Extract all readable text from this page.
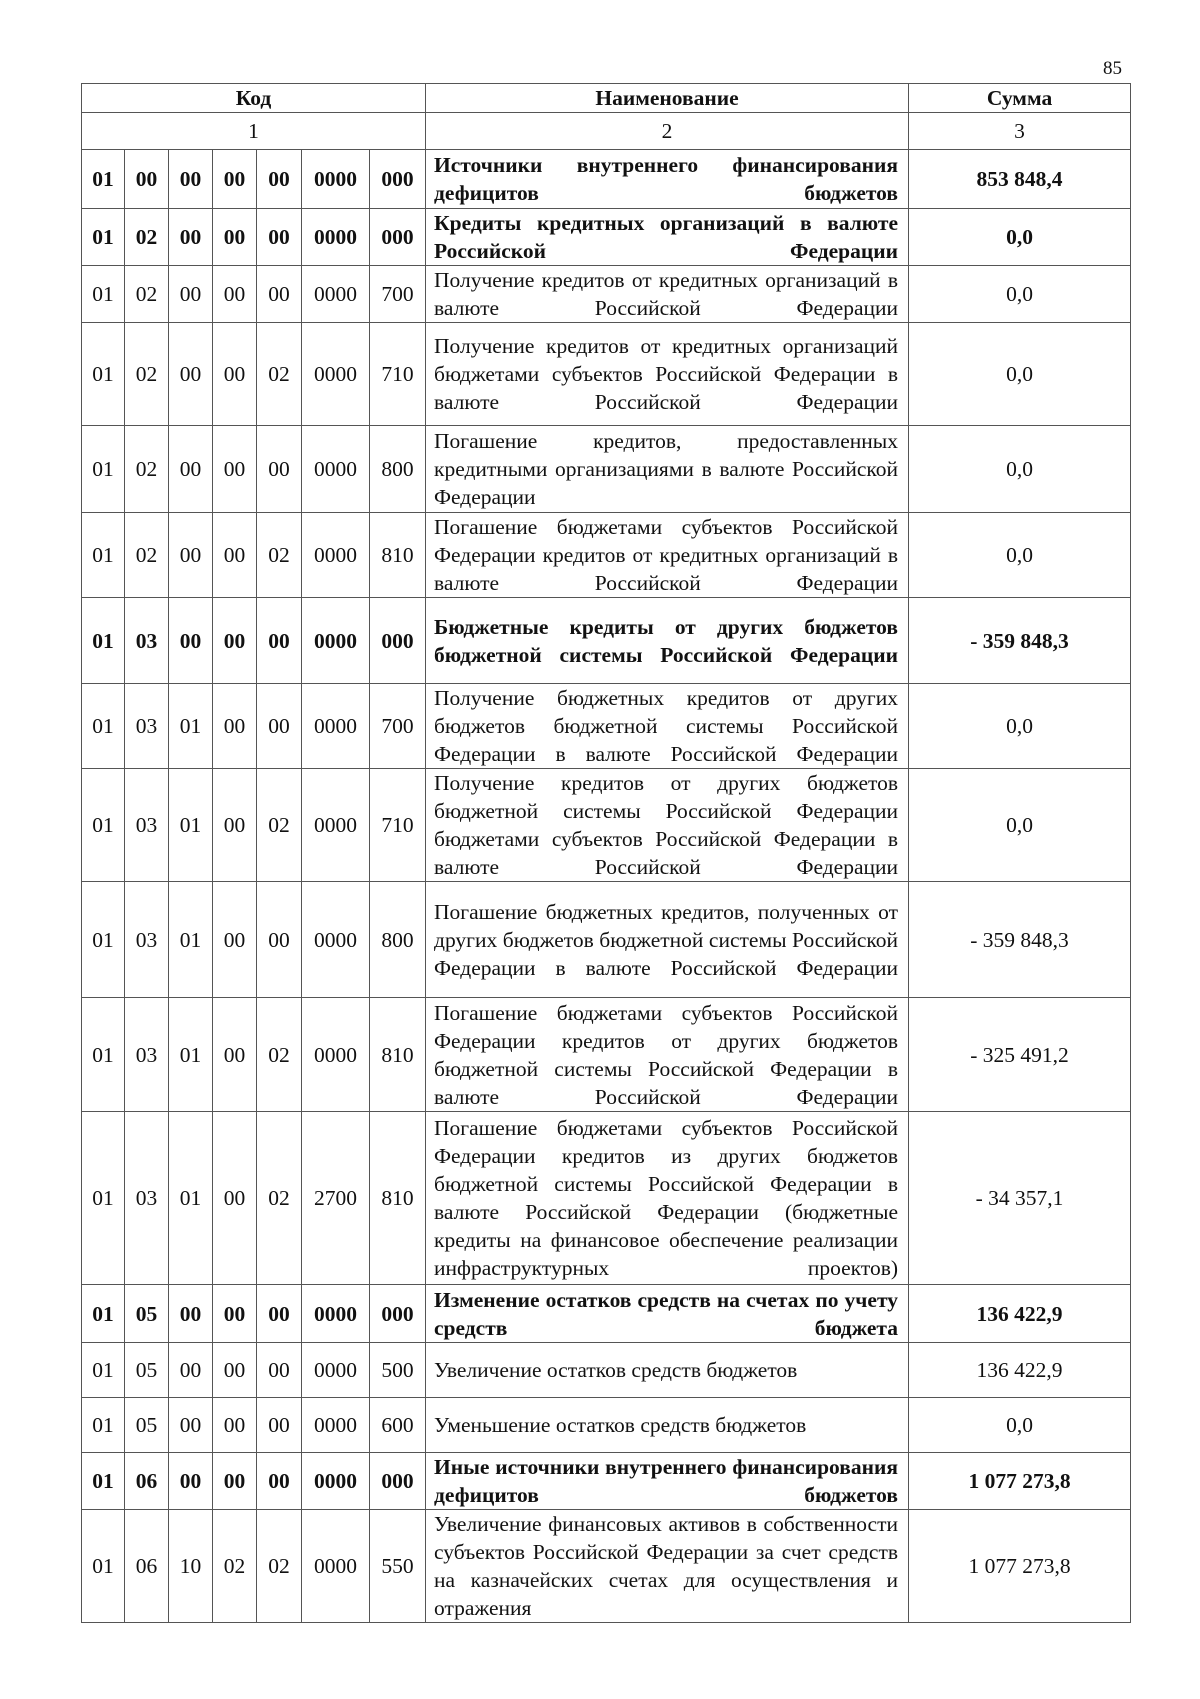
85
Код							Наименование	Сумма
1							2	3
01	00	00	00	00	0000	000	Источники внутреннего финансирования дефицитов бюджетов	853 848,4
01	02	00	00	00	0000	000	Кредиты кредитных организаций в валюте Российской Федерации	0,0
01	02	00	00	00	0000	700	Получение кредитов от кредитных организаций в валюте Российской Федерации	0,0
01	02	00	00	02	0000	710	Получение кредитов от кредитных организаций бюджетами субъектов Российской Федерации в валюте Российской Федерации	0,0
01	02	00	00	00	0000	800	Погашение кредитов, предоставленных кредитными организациями в валюте Российской Федерации	0,0
01	02	00	00	02	0000	810	Погашение бюджетами субъектов Российской Федерации кредитов от кредитных организаций в валюте Российской Федерации	0,0
01	03	00	00	00	0000	000	Бюджетные кредиты от других бюджетов бюджетной системы Российской Федерации	- 359 848,3
01	03	01	00	00	0000	700	Получение бюджетных кредитов от других бюджетов бюджетной системы Российской Федерации в валюте Российской Федерации	0,0
01	03	01	00	02	0000	710	Получение кредитов от других бюджетов бюджетной системы Российской Федерации бюджетами субъектов Российской Федерации в валюте Российской Федерации	0,0
01	03	01	00	00	0000	800	Погашение бюджетных кредитов, полученных от других бюджетов бюджетной системы Российской Федерации в валюте Российской Федерации	- 359 848,3
01	03	01	00	02	0000	810	Погашение бюджетами субъектов Российской Федерации кредитов от других бюджетов бюджетной системы Российской Федерации в валюте Российской Федерации	- 325 491,2
01	03	01	00	02	2700	810	Погашение бюджетами субъектов Российской Федерации кредитов из других бюджетов бюджетной системы Российской Федерации в валюте Российской Федерации (бюджетные кредиты на финансовое обеспечение реализации инфраструктурных проектов)	- 34 357,1
01	05	00	00	00	0000	000	Изменение остатков средств на счетах по учету средств бюджета	136 422,9
01	05	00	00	00	0000	500	Увеличение остатков средств бюджетов	136 422,9
01	05	00	00	00	0000	600	Уменьшение остатков средств бюджетов	0,0
01	06	00	00	00	0000	000	Иные источники внутреннего финансирования дефицитов бюджетов	1 077 273,8
01	06	10	02	02	0000	550	Увеличение финансовых активов в собственности субъектов Российской Федерации за счет средств на казначейских счетах для осуществления и отражения	1 077 273,8
